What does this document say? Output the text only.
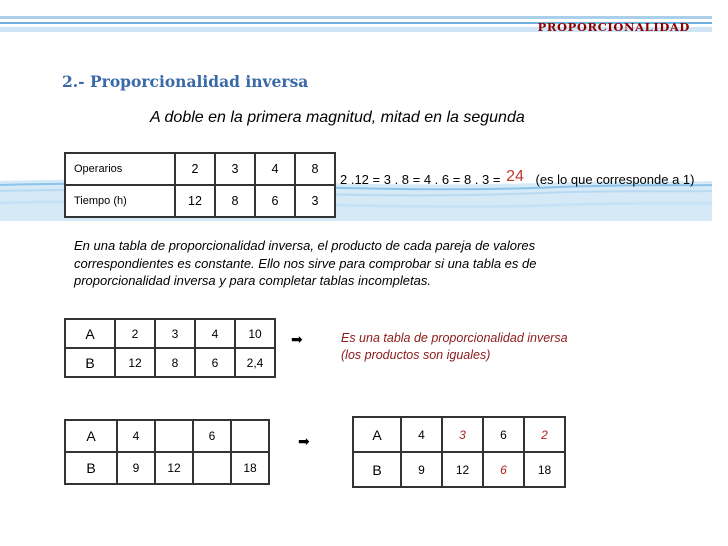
PROPORCIONALIDAD
2.- Proporcionalidad inversa
A doble en la primera magnitud, mitad en la segunda
Operarios	2	3	4	8
Tiempo (h)	12	8	6	3
2 .12 = 3 . 8 = 4 . 6 = 8 . 3 = 24 (es lo que corresponde a 1)
En una tabla de proporcionalidad inversa, el producto de cada pareja de valores correspondientes es constante. Ello nos sirve para comprobar si una tabla es de proporcionalidad inversa y para completar tablas incompletas.
A	2	3	4	10
B	12	8	6	2,4
➡	Es una tabla de proporcionalidad inversa
(los productos son iguales)
A	4		6	
B	9	12		18
➡	A	4	3	6	2
B	9	12	6	18
